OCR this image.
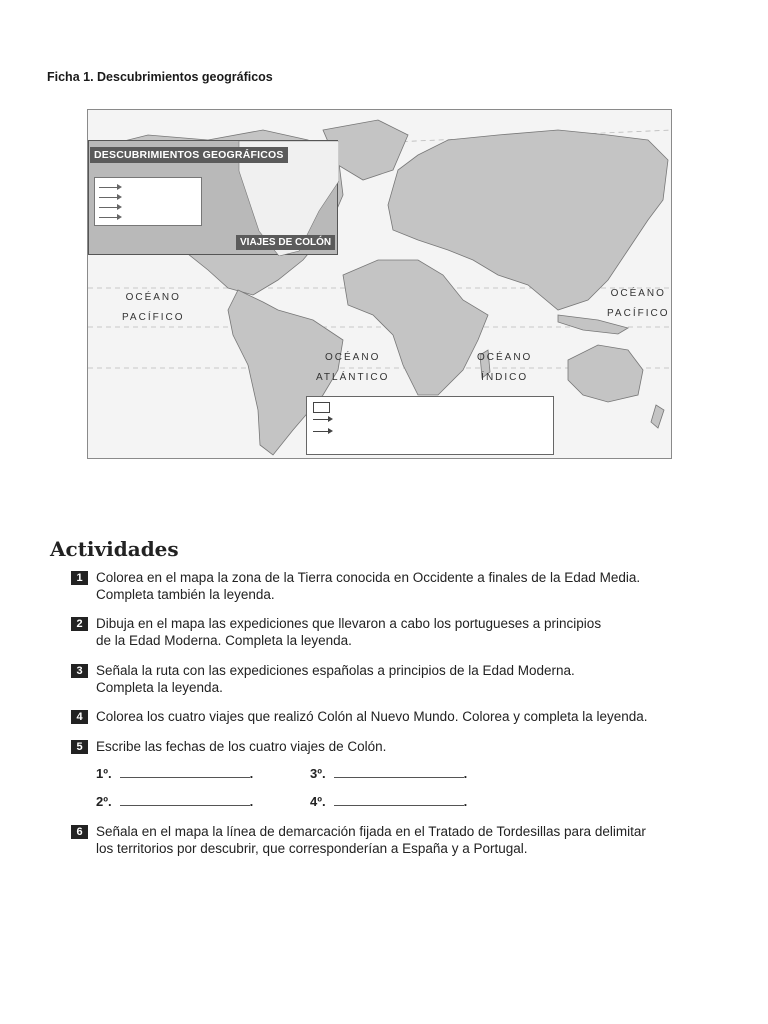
Ficha 1. Descubrimientos geográficos
DESCUBRIMIENTOS GEOGRÁFICOS
VIAJES DE COLÓN
OCÉANO
PACÍFICO
OCÉANO
ATLÁNTICO
OCÉANO
ÍNDICO
OCÉANO
PACÍFICO
Actividades
1 Colorea en el mapa la zona de la Tierra conocida en Occidente a finales de la Edad Media.
Completa también la leyenda.
2 Dibuja en el mapa las expediciones que llevaron a cabo los portugueses a principios
de la Edad Moderna. Completa la leyenda.
3 Señala la ruta con las expediciones españolas a principios de la Edad Moderna.
Completa la leyenda.
4 Colorea los cuatro viajes que realizó Colón al Nuevo Mundo. Colorea y completa la leyenda.
5 Escribe las fechas de los cuatro viajes de Colón.
1º.	.	3º.	.
2º.	.	4º.	.
6 Señala en el mapa la línea de demarcación fijada en el Tratado de Tordesillas para delimitar
los territorios por descubrir, que corresponderían a España y a Portugal.
